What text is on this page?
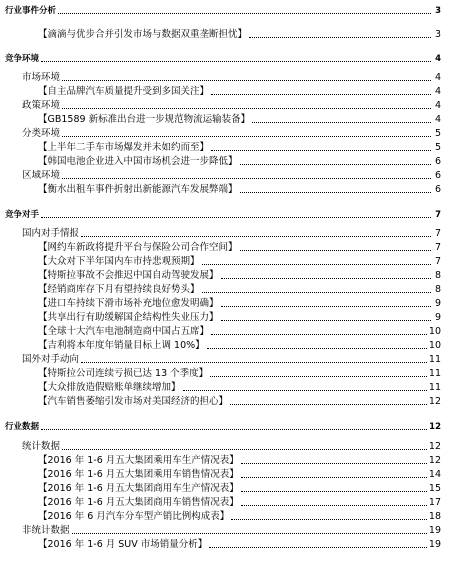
行业事件分析	3
【滴滴与优步合并引发市场与数据双重垄断担忧】	3
竞争环境	4
市场环境	4
【自主品牌汽车质量提升受到多国关注】	4
政策环境	4
【GB1589 新标准出台进一步规范物流运输装备】	4
分类环境	5
【上半年二手车市场爆发并未如约而至】	5
【韩国电池企业进入中国市场机会进一步降低】	6
区域环境	6
【衡水出租车事件折射出新能源汽车发展弊端】	6
竞争对手	7
国内对手情报	7
【网约车新政将提升平台与保险公司合作空间】	7
【大众对下半年国内车市持悲观预期】	7
【特斯拉事故不会推迟中国自动驾驶发展】	8
【经销商库存下月有望持续良好势头】	8
【进口车持续下滑市场补充地位愈发明确】	9
【共享出行有助缓解国企结构性失业压力】	9
【全球十大汽车电池制造商中国占五席】	10
【吉利将本年度年销量目标上调 10%】	10
国外对手动向	11
【特斯拉公司连续亏损已达 13 个季度】	11
【大众排放造假赔账单继续增加】	11
【汽车销售萎缩引发市场对美国经济的担心】	12
行业数据	12
统计数据	12
【2016 年 1-6 月五大集团乘用车生产情况表】	12
【2016 年 1-6 月五大集团乘用车销售情况表】	14
【2016 年 1-6 月五大集团商用车生产情况表】	15
【2016 年 1-6 月五大集团商用车销售情况表】	17
【2016 年 6 月汽车分车型产销比例构成表】	18
非统计数据	19
【2016 年 1-6 月 SUV 市场销量分析】	19
